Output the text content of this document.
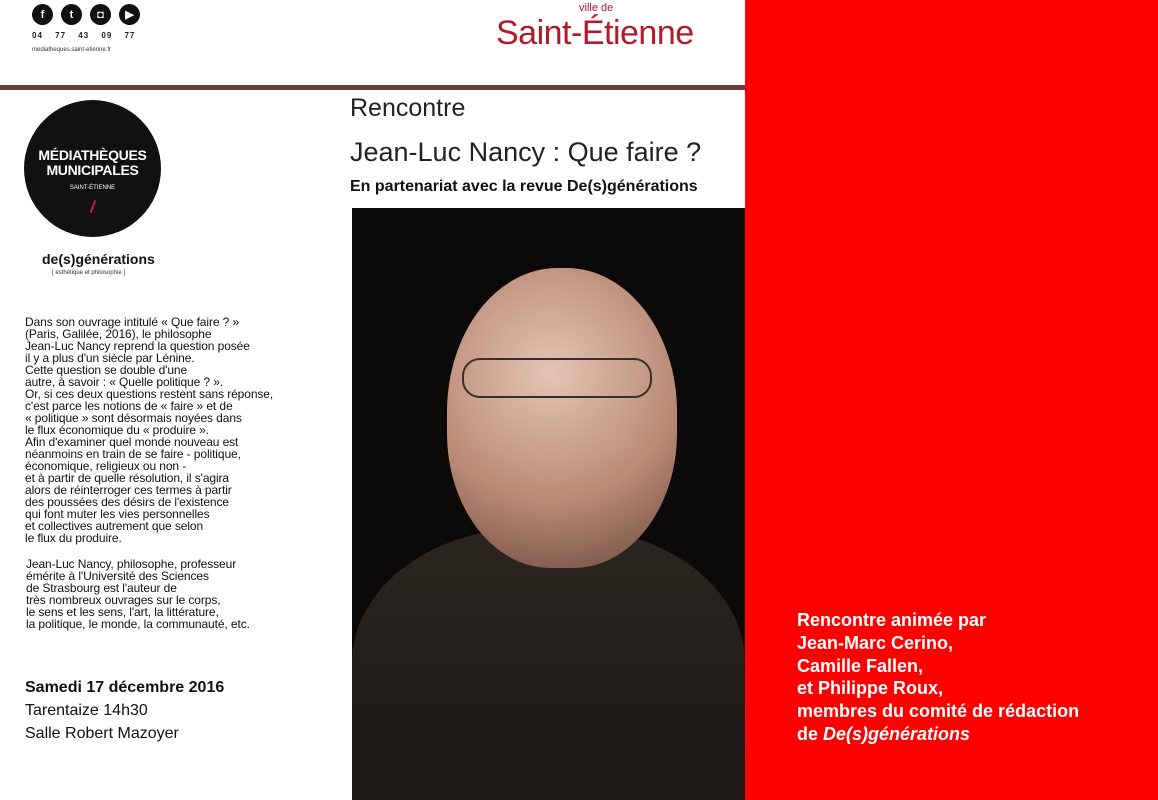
f	t	◘	▶
04 77 43 09 77
mediatheques.saint-etienne.fr
ville de
Saint-Étienne
MÉDIATHÈQUES MUNICIPALES
SAINT-ÉTIENNE
de(s)générations
[ esthétique et philosophie ]
Dans son ouvrage intitulé « Que faire ? »
(Paris, Galilée, 2016), le philosophe
Jean-Luc Nancy reprend la question posée
il y a plus d'un siècle par Lénine.
Cette question se double d'une
autre, à savoir : « Quelle politique ? ».
Or, si ces deux questions restent sans réponse,
c'est parce les notions de « faire » et de
« politique » sont désormais noyées dans
le flux économique du « produire ».
Afin d'examiner quel monde nouveau est
néanmoins en train de se faire - politique,
économique, religieux ou non -
et à partir de quelle résolution, il s'agira
alors de réinterroger ces termes à partir
des poussées des désirs de l'existence
qui font muter les vies personnelles
et collectives autrement que selon
le flux du produire.
Jean-Luc Nancy, philosophe, professeur
émérite à l'Université des Sciences
de Strasbourg est l'auteur de
très nombreux ouvrages sur le corps,
le sens et les sens, l'art, la littérature,
la politique, le monde, la communauté, etc.
Samedi 17 décembre 2016
Tarentaize 14h30
Salle Robert Mazoyer
Rencontre
Jean-Luc Nancy : Que faire ?
En partenariat avec la revue De(s)générations
Rencontre animée par
Jean-Marc Cerino,
Camille Fallen,
et Philippe Roux,
membres du comité de rédaction
de De(s)générations
